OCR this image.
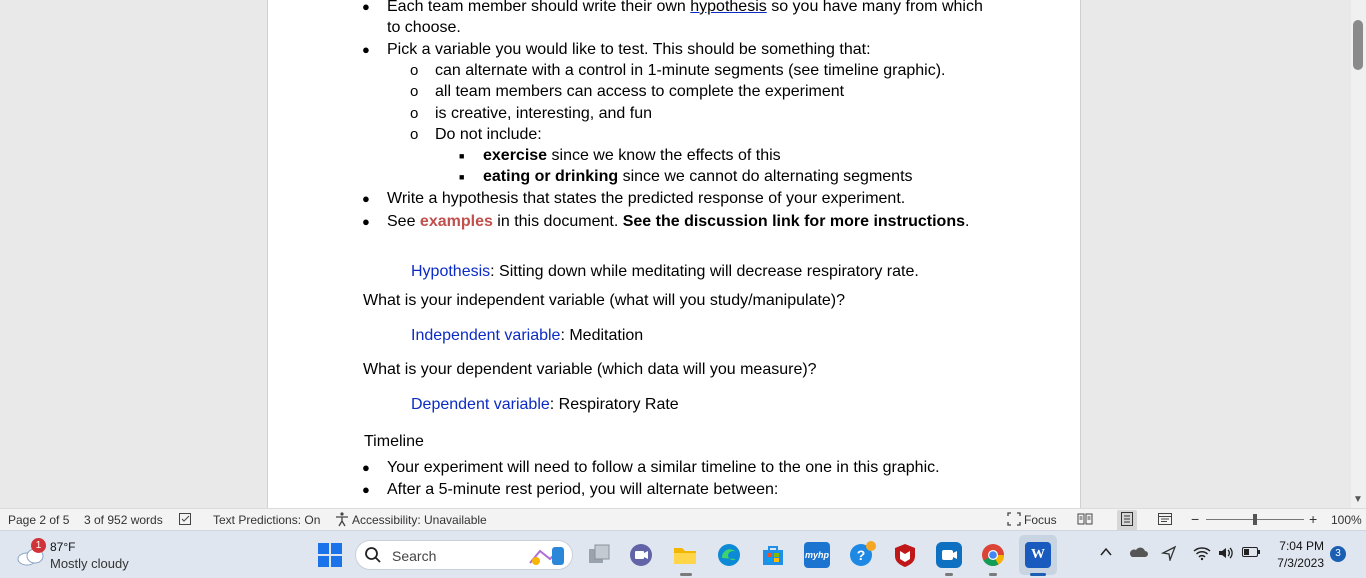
● Each team member should write their own hypothesis so you have many from which
to choose.
● Pick a variable you would like to test. This should be something that:
o can alternate with a control in 1-minute segments (see timeline graphic).
o all team members can access to complete the experiment
o is creative, interesting, and fun
o Do not include:
■ exercise since we know the effects of this
■ eating or drinking since we cannot do alternating segments
● Write a hypothesis that states the predicted response of your experiment.
● See examples in this document. See the discussion link for more instructions.
Hypothesis: Sitting down while meditating will decrease respiratory rate.
What is your independent variable (what will you study/manipulate)?
Independent variable: Meditation
What is your dependent variable (which data will you measure)?
Dependent variable: Respiratory Rate
Timeline
● Your experiment will need to follow a similar timeline to the one in this graphic.
● After a 5-minute rest period, you will alternate between:

▼
Page 2 of 5 3 of 952 words	Text Predictions: On	Accessibility: Unavailable	Focus	−	+ 100%
1 87°F
Mostly cloudy	Search	myhp ?	W
7:04 PM
7/3/2023
3
